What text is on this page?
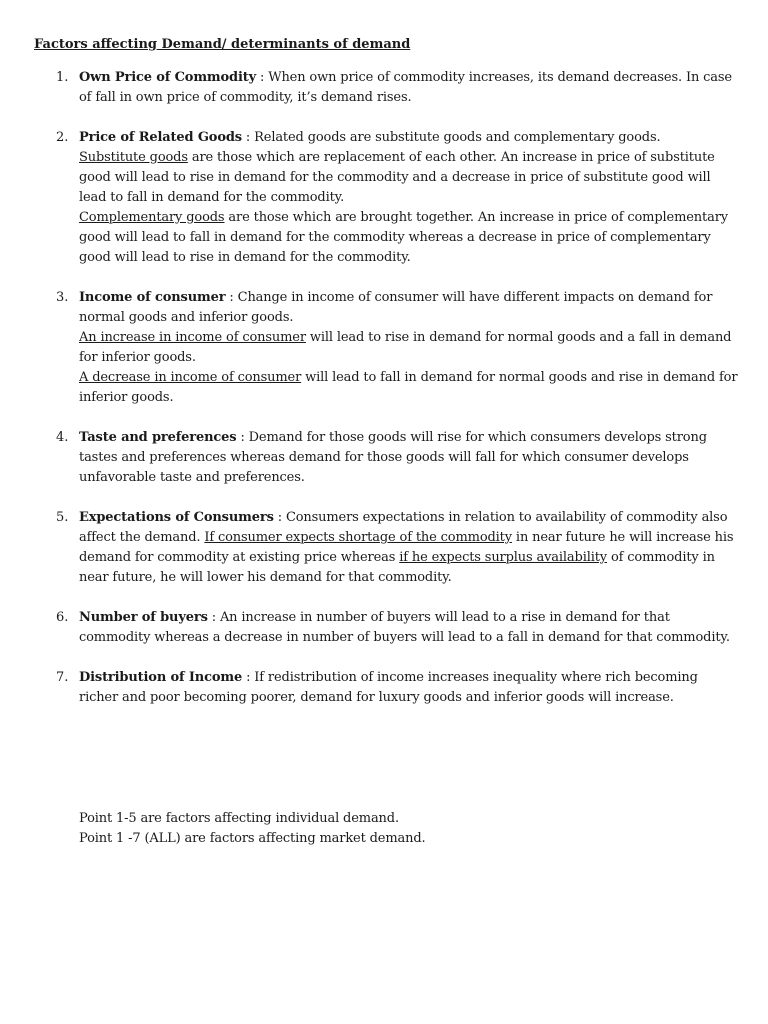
Factors affecting Demand/ determinants of demand
1. Own Price of Commodity : When own price of commodity increases, its demand decreases. In case of fall in own price of commodity, it’s demand rises.
2. Price of Related Goods : Related goods are substitute goods and complementary goods.
Substitute goods are those which are replacement of each other. An increase in price of substitute good will lead to rise in demand for the commodity and a decrease in price of substitute good will lead to fall in demand for the commodity.
Complementary goods are those which are brought together. An increase in price of complementary good will lead to fall in demand for the commodity whereas a decrease in price of complementary good will lead to rise in demand for the commodity.
3. Income of consumer : Change in income of consumer will have different impacts on demand for normal goods and inferior goods.
An increase in income of consumer will lead to rise in demand for normal goods and a fall in demand for inferior goods.
A decrease in income of consumer will lead to fall in demand for normal goods and rise in demand for inferior goods.
4. Taste and preferences : Demand for those goods will rise for which consumers develops strong tastes and preferences whereas demand for those goods will fall for which consumer develops unfavorable taste and preferences.
5. Expectations of Consumers : Consumers expectations in relation to availability of commodity also affect the demand. If consumer expects shortage of the commodity in near future he will increase his demand for commodity at existing price whereas if he expects surplus availability of commodity in near future, he will lower his demand for that commodity.
6. Number of buyers : An increase in number of buyers will lead to a rise in demand for that commodity whereas a decrease in number of buyers will lead to a fall in demand for that commodity.
7. Distribution of Income : If redistribution of income increases inequality where rich becoming richer and poor becoming poorer, demand for luxury goods and inferior goods will increase.
Point 1-5 are factors affecting individual demand.
Point 1 -7 (ALL) are factors affecting market demand.
